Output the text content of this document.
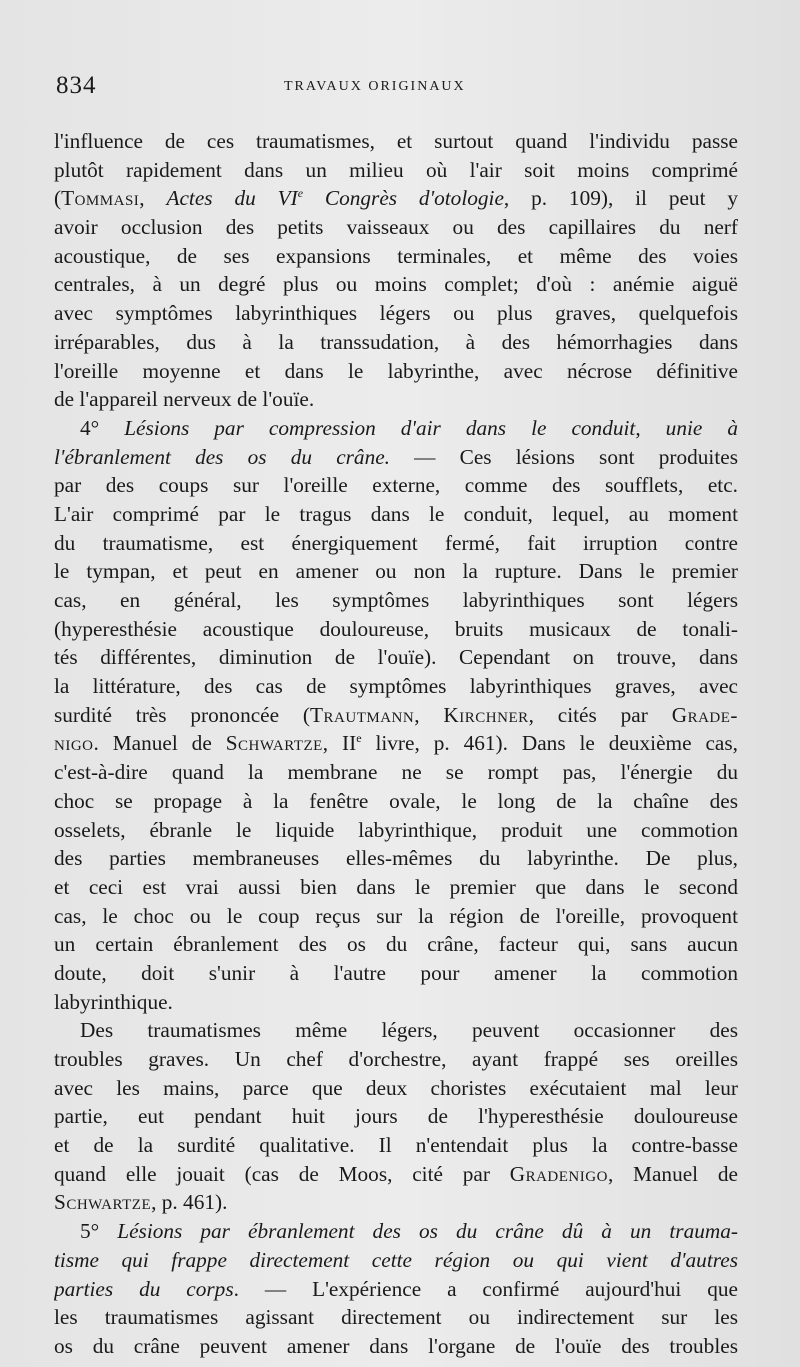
834	TRAVAUX ORIGINAUX
l'influence de ces traumatismes, et surtout quand l'individu passe
plutôt rapidement dans un milieu où l'air soit moins comprimé
(Tommasi, Actes du VIe Congrès d'otologie, p. 109), il peut y
avoir occlusion des petits vaisseaux ou des capillaires du nerf
acoustique, de ses expansions terminales, et même des voies
centrales, à un degré plus ou moins complet; d'où : anémie aiguë
avec symptômes labyrinthiques légers ou plus graves, quelquefois
irréparables, dus à la transsudation, à des hémorrhagies dans
l'oreille moyenne et dans le labyrinthe, avec nécrose définitive
de l'appareil nerveux de l'ouïe.
4° Lésions par compression d'air dans le conduit, unie à
l'ébranlement des os du crâne. — Ces lésions sont produites
par des coups sur l'oreille externe, comme des soufflets, etc.
L'air comprimé par le tragus dans le conduit, lequel, au moment
du traumatisme, est énergiquement fermé, fait irruption contre
le tympan, et peut en amener ou non la rupture. Dans le premier
cas, en général, les symptômes labyrinthiques sont légers
(hyperesthésie acoustique douloureuse, bruits musicaux de tonali-
tés différentes, diminution de l'ouïe). Cependant on trouve, dans
la littérature, des cas de symptômes labyrinthiques graves, avec
surdité très prononcée (Trautmann, Kirchner, cités par Grade-
nigo. Manuel de Schwartze, IIe livre, p. 461). Dans le deuxième cas,
c'est-à-dire quand la membrane ne se rompt pas, l'énergie du
choc se propage à la fenêtre ovale, le long de la chaîne des
osselets, ébranle le liquide labyrinthique, produit une commotion
des parties membraneuses elles-mêmes du labyrinthe. De plus,
et ceci est vrai aussi bien dans le premier que dans le second
cas, le choc ou le coup reçus sur la région de l'oreille, provoquent
un certain ébranlement des os du crâne, facteur qui, sans aucun
doute, doit s'unir à l'autre pour amener la commotion
labyrinthique.
Des traumatismes même légers, peuvent occasionner des
troubles graves. Un chef d'orchestre, ayant frappé ses oreilles
avec les mains, parce que deux choristes exécutaient mal leur
partie, eut pendant huit jours de l'hyperesthésie douloureuse
et de la surdité qualitative. Il n'entendait plus la contre-basse
quand elle jouait (cas de Moos, cité par Gradenigo, Manuel de
Schwartze, p. 461).
5° Lésions par ébranlement des os du crâne dû à un trauma-
tisme qui frappe directement cette région ou qui vient d'autres
parties du corps. — L'expérience a confirmé aujourd'hui que
les traumatismes agissant directement ou indirectement sur les
os du crâne peuvent amener dans l'organe de l'ouïe des troubles
